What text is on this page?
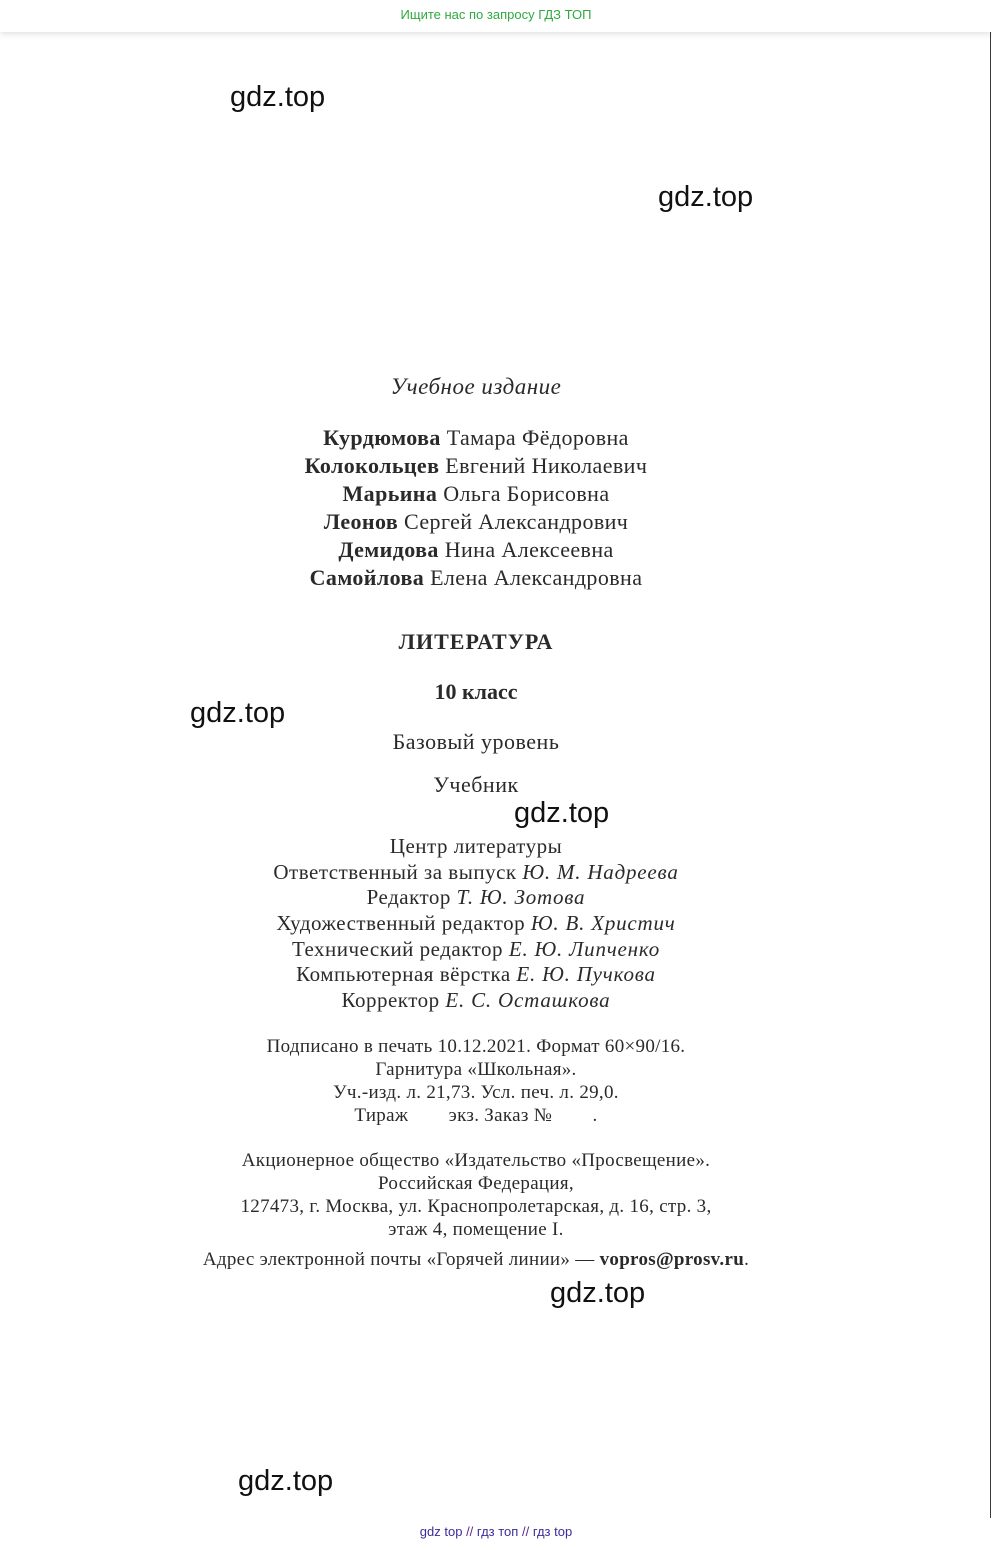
Ищите нас по запросу ГДЗ ТОП
gdz.top
gdz.top
gdz.top
gdz.top
gdz.top
gdz.top
Учебное издание
Курдюмова Тамара Фёдоровна
Колокольцев Евгений Николаевич
Марьина Ольга Борисовна
Леонов Сергей Александрович
Демидова Нина Алексеевна
Самойлова Елена Александровна
ЛИТЕРАТУРА
10 класс
Базовый уровень
Учебник
Центр литературы
Ответственный за выпуск Ю. М. Надреева
Редактор Т. Ю. Зотова
Художественный редактор Ю. В. Христич
Технический редактор Е. Ю. Липченко
Компьютерная вёрстка Е. Ю. Пучкова
Корректор Е. С. Осташкова
Подписано в печать 10.12.2021. Формат 60×90/16.
Гарнитура «Школьная».
Уч.-изд. л. 21,73. Усл. печ. л. 29,0.
Тираж        экз. Заказ №        .
Акционерное общество «Издательство «Просвещение».
Российская Федерация,
127473, г. Москва, ул. Краснопролетарская, д. 16, стр. 3,
этаж 4, помещение I.
Адрес электронной почты «Горячей линии» — vopros@prosv.ru.
gdz top // гдз топ // гдз top
